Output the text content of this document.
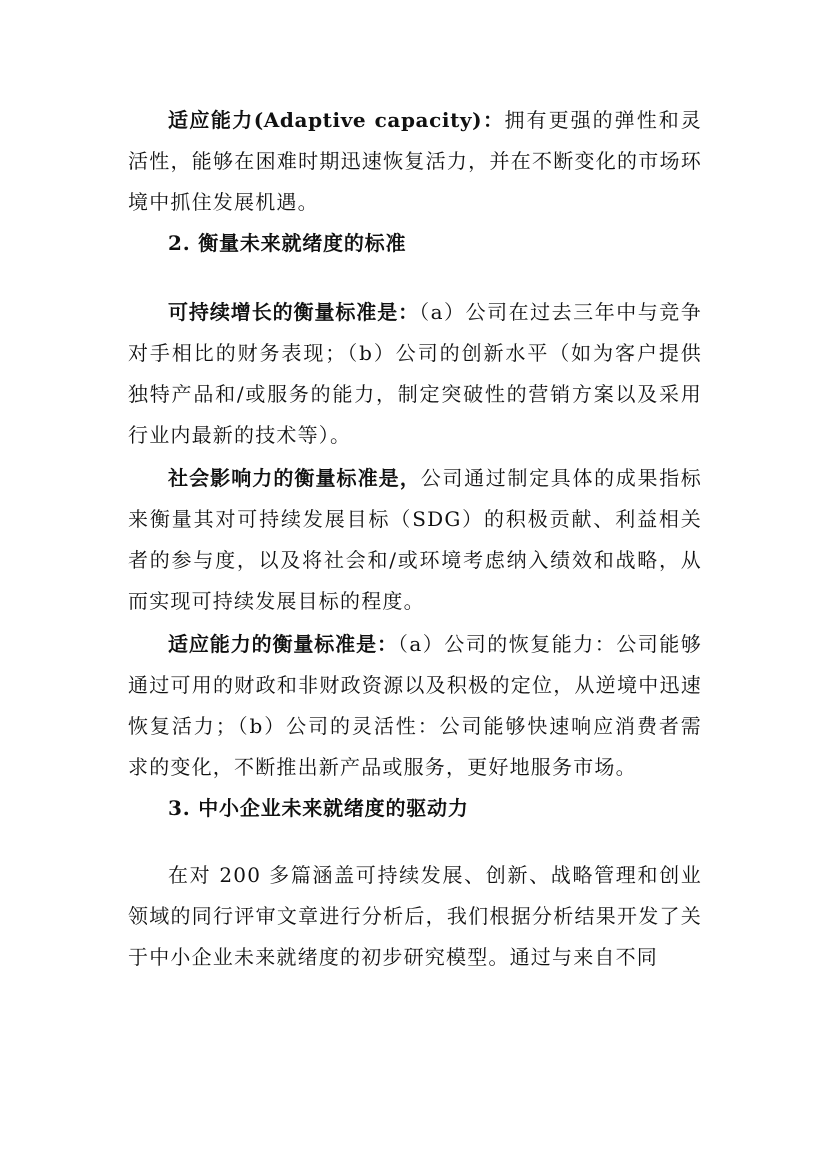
适应能力(Adaptive capacity)：拥有更强的弹性和灵活性，能够在困难时期迅速恢复活力，并在不断变化的市场环境中抓住发展机遇。

2. 衡量未来就绪度的标准

可持续增长的衡量标准是：（a）公司在过去三年中与竞争对手相比的财务表现；（b）公司的创新水平（如为客户提供独特产品和/或服务的能力，制定突破性的营销方案以及采用行业内最新的技术等）。

社会影响力的衡量标准是，公司通过制定具体的成果指标来衡量其对可持续发展目标（SDG）的积极贡献、利益相关者的参与度，以及将社会和/或环境考虑纳入绩效和战略，从而实现可持续发展目标的程度。

适应能力的衡量标准是：（a）公司的恢复能力：公司能够通过可用的财政和非财政资源以及积极的定位，从逆境中迅速恢复活力；（b）公司的灵活性：公司能够快速响应消费者需求的变化，不断推出新产品或服务，更好地服务市场。

3. 中小企业未来就绪度的驱动力

在对 200 多篇涵盖可持续发展、创新、战略管理和创业领域的同行评审文章进行分析后，我们根据分析结果开发了关于中小企业未来就绪度的初步研究模型。通过与来自不同
